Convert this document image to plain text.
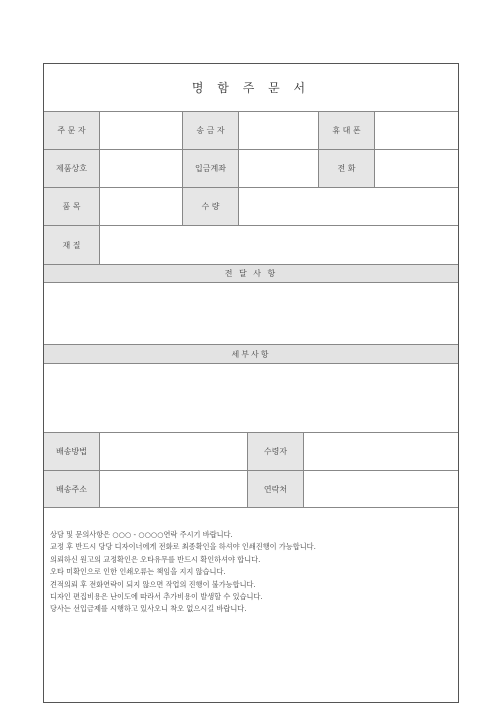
명 함 주 문 서
주 문 자	송 금 자	휴 대 폰
제품상호	입금계좌	전 화
품 목	수 량
재 질
전 달 사 항
세부사항
배송방법	수령자
배송주소	연락처
상담 및 문의사항은 ○○○ - ○○○○연락 주시기 바랍니다.
교정 후 반드시 당당 디자이너에게 전화로 최종확인을 하셔야 인쇄진행이 가능합니다.
의뢰하신 원고의 교정확인은 오타유무를 반드시 확인하셔야 합니다.
오타 미확인으로 인한 인쇄오류는 책임을 지지 않습니다.
견적의뢰 후 전화연락이 되지 않으면 작업의 진행이 불가능합니다.
디자인 편집비용은 난이도에 따라서 추가비용이 발생할 수 있습니다.
당사는 선입금제를 시행하고 있사오니 착오 없으시길 바랍니다.
